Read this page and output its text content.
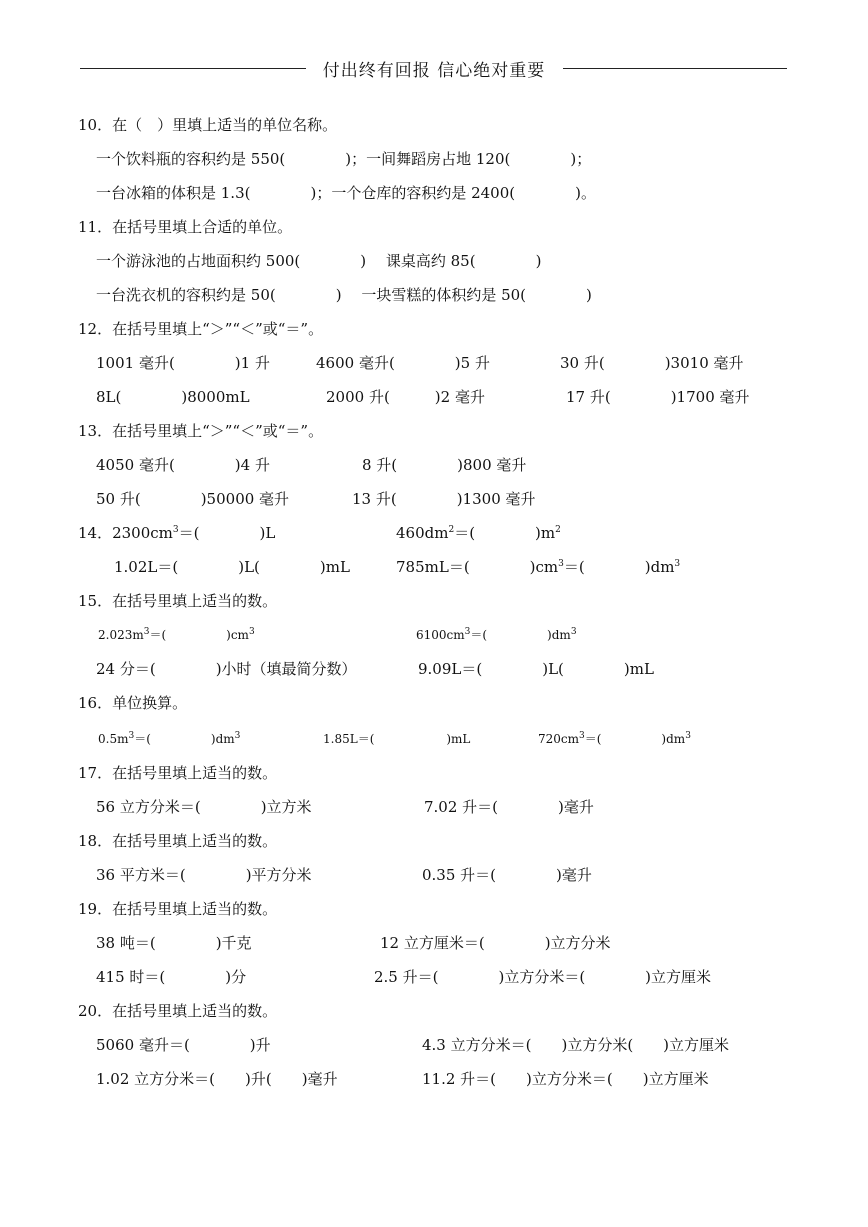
付出终有回报 信心绝对重要
10．在（　）里填上适当的单位名称。
一个饮料瓶的容积约是 550(　　　　)；一间舞蹈房占地 120(　　　　)；
一台冰箱的体积是 1.3(　　　　)；一个仓库的容积约是 2400(　　　　)。
11．在括号里填上合适的单位。
一个游泳池的占地面积约 500(　　　　)　 课桌高约 85(　　　　)
一台洗衣机的容积约是 50(　　　　)　 一块雪糕的体积约是 50(　　　　)
12．在括号里填上“＞”“＜”或“＝”。
1001 毫升(　　　　)1 升	4600 毫升(　　　　)5 升	30 升(　　　　)3010 毫升
8L(　　　　)8000mL	2000 升(　　　)2 毫升	17 升(　　　　)1700 毫升
13．在括号里填上“＞”“＜”或“＝”。
4050 毫升(　　　　)4 升	8 升(　　　　)800 毫升
50 升(　　　　)50000 毫升	13 升(　　　　)1300 毫升
14．$2300cm^3=$(　　　　)L	$460dm^2=$(　　　　)$m^2$
1.02L＝(　　　　)L(　　　　)mL	785mL＝(　　　　)$cm^3=$(　　　　)$dm^3$
15．在括号里填上适当的数。
$2.023m^3=$(　　　　　)$cm^3$	$6100cm^3=$(　　　　　)$dm^3$
24 分＝(　　　　)小时（填最简分数）	9.09L＝(　　　　)L(　　　　)mL
16．单位换算。
$0.5m^3=$(　　　　　)$dm^3$	1.85L＝(　　　　　　)mL	$720cm^3=$(　　　　　)$dm^3$
17．在括号里填上适当的数。
56 立方分米＝(　　　　)立方米	7.02 升＝(　　　　)毫升
18．在括号里填上适当的数。
36 平方米＝(　　　　)平方分米	0.35 升＝(　　　　)毫升
19．在括号里填上适当的数。
38 吨＝(　　　　)千克	12 立方厘米＝(　　　　)立方分米
415 时＝(　　　　)分	2.5 升＝(　　　　)立方分米＝(　　　　)立方厘米
20．在括号里填上适当的数。
5060 毫升＝(　　　　)升	4.3 立方分米＝(　　)立方分米(　　)立方厘米
1.02 立方分米＝(　　)升(　　)毫升	11.2 升＝(　　)立方分米＝(　　)立方厘米
